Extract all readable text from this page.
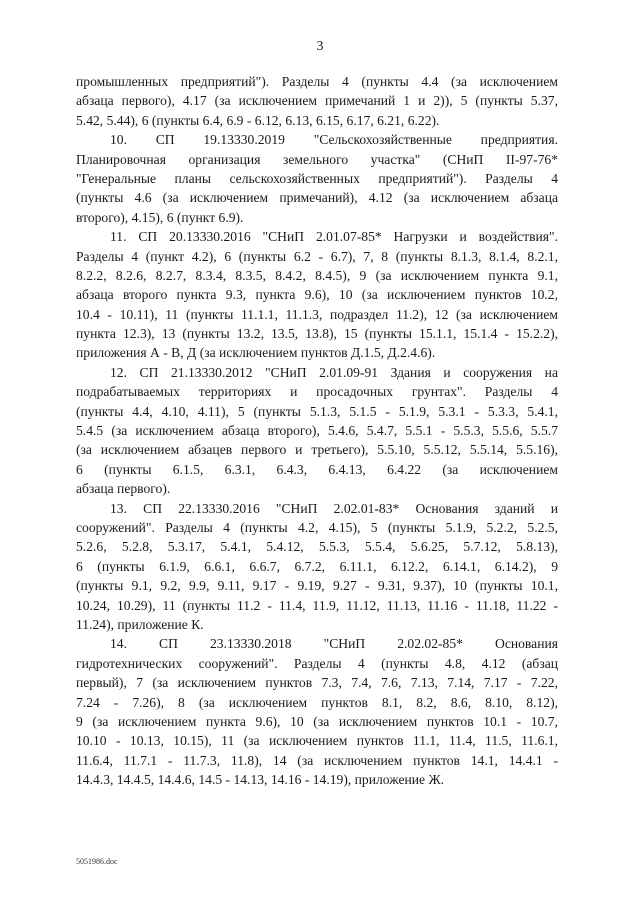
3
промышленных предприятий"). Разделы 4 (пункты 4.4 (за исключением
абзаца первого), 4.17 (за исключением примечаний 1 и 2)), 5 (пункты 5.37,
5.42, 5.44), 6 (пункты 6.4, 6.9 - 6.12, 6.13, 6.15, 6.17, 6.21, 6.22).
10. СП 19.13330.2019 "Сельскохозяйственные предприятия.
Планировочная организация земельного участка" (СНиП II-97-76*
"Генеральные планы сельскохозяйственных предприятий"). Разделы 4
(пункты 4.6 (за исключением примечаний), 4.12 (за исключением абзаца
второго), 4.15), 6 (пункт 6.9).
11. СП 20.13330.2016 "СНиП 2.01.07-85* Нагрузки и воздействия".
Разделы 4 (пункт 4.2), 6 (пункты 6.2 - 6.7), 7, 8 (пункты 8.1.3, 8.1.4, 8.2.1,
8.2.2, 8.2.6, 8.2.7, 8.3.4, 8.3.5, 8.4.2, 8.4.5), 9 (за исключением пункта 9.1,
абзаца второго пункта 9.3, пункта 9.6), 10 (за исключением пунктов 10.2,
10.4 - 10.11), 11 (пункты 11.1.1, 11.1.3, подраздел 11.2), 12 (за исключением
пункта 12.3), 13 (пункты 13.2, 13.5, 13.8), 15 (пункты 15.1.1, 15.1.4 - 15.2.2),
приложения А - В, Д (за исключением пунктов Д.1.5, Д.2.4.6).
12. СП 21.13330.2012 "СНиП 2.01.09-91 Здания и сооружения на
подрабатываемых территориях и просадочных грунтах". Разделы 4
(пункты 4.4, 4.10, 4.11), 5 (пункты 5.1.3, 5.1.5 - 5.1.9, 5.3.1 - 5.3.3, 5.4.1,
5.4.5 (за исключением абзаца второго), 5.4.6, 5.4.7, 5.5.1 - 5.5.3, 5.5.6, 5.5.7
(за исключением абзацев первого и третьего), 5.5.10, 5.5.12, 5.5.14, 5.5.16),
6 (пункты 6.1.5, 6.3.1, 6.4.3, 6.4.13, 6.4.22 (за исключением
абзаца первого).
13. СП 22.13330.2016 "СНиП 2.02.01-83* Основания зданий и
сооружений". Разделы 4 (пункты 4.2, 4.15), 5 (пункты 5.1.9, 5.2.2, 5.2.5,
5.2.6, 5.2.8, 5.3.17, 5.4.1, 5.4.12, 5.5.3, 5.5.4, 5.6.25, 5.7.12, 5.8.13),
6 (пункты 6.1.9, 6.6.1, 6.6.7, 6.7.2, 6.11.1, 6.12.2, 6.14.1, 6.14.2), 9
(пункты 9.1, 9.2, 9.9, 9.11, 9.17 - 9.19, 9.27 - 9.31, 9.37), 10 (пункты 10.1,
10.24, 10.29), 11 (пункты 11.2 - 11.4, 11.9, 11.12, 11.13, 11.16 - 11.18, 11.22 -
11.24), приложение К.
14. СП 23.13330.2018 "СНиП 2.02.02-85* Основания
гидротехнических сооружений". Разделы 4 (пункты 4.8, 4.12 (абзац
первый), 7 (за исключением пунктов 7.3, 7.4, 7.6, 7.13, 7.14, 7.17 - 7.22,
7.24 - 7.26), 8 (за исключением пунктов 8.1, 8.2, 8.6, 8.10, 8.12),
9 (за исключением пункта 9.6), 10 (за исключением пунктов 10.1 - 10.7,
10.10 - 10.13, 10.15), 11 (за исключением пунктов 11.1, 11.4, 11.5, 11.6.1,
11.6.4, 11.7.1 - 11.7.3, 11.8), 14 (за исключением пунктов 14.1, 14.4.1 -
14.4.3, 14.4.5, 14.4.6, 14.5 - 14.13, 14.16 - 14.19), приложение Ж.
5051986.doc
